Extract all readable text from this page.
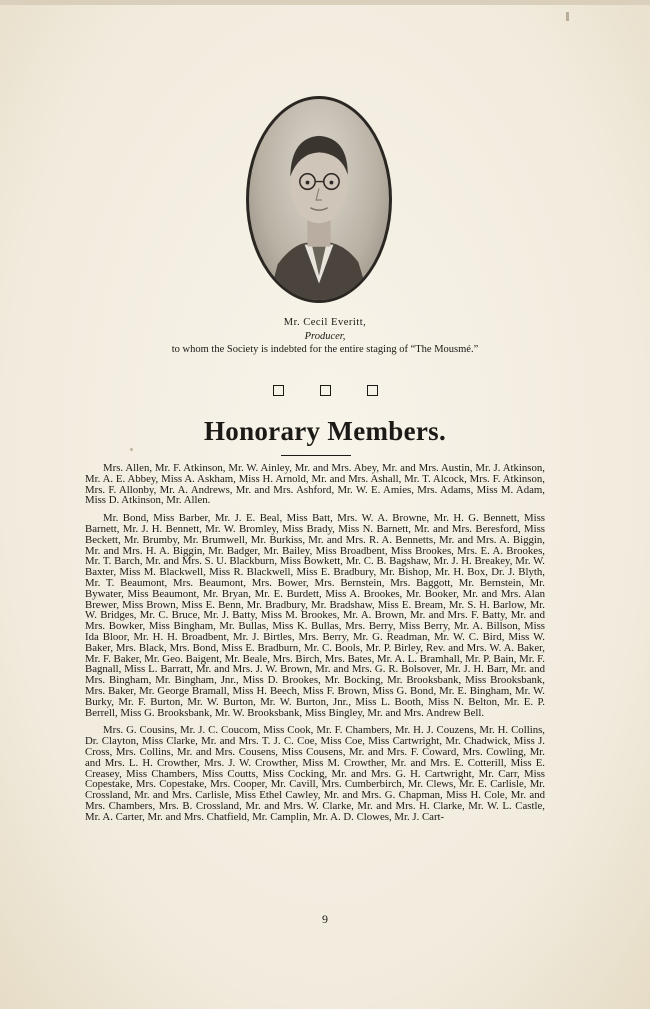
Mr. Cecil Everitt,
Producer,
to whom the Society is indebted for the entire staging of “The Mousmé.”

Honorary Members.

Mrs. Allen, Mr. F. Atkinson, Mr. W. Ainley, Mr. and Mrs. Abey, Mr. and Mrs. Austin, Mr. J. Atkinson, Mr. A. E. Abbey, Miss A. Askham, Miss H. Arnold, Mr. and Mrs. Ashall, Mr. T. Alcock, Mrs. F. Atkinson, Mrs. F. Allonby, Mr. A. Andrews, Mr. and Mrs. Ashford, Mr. W. E. Amies, Mrs. Adams, Miss M. Adam, Miss D. Atkinson, Mr. Allen.

Mr. Bond, Miss Barber, Mr. J. E. Beal, Miss Batt, Mrs. W. A. Browne, Mr. H. G. Bennett, Miss Barnett, Mr. J. H. Bennett, Mr. W. Bromley, Miss Brady, Miss N. Barnett, Mr. and Mrs. Beresford, Miss Beckett, Mr. Brumby, Mr. Brumwell, Mr. Burkiss, Mr. and Mrs. R. A. Bennetts, Mr. and Mrs. A. Biggin, Mr. and Mrs. H. A. Biggin, Mr. Badger, Mr. Bailey, Miss Broadbent, Miss Brookes, Mrs. E. A. Brookes, Mr. T. Barch, Mr. and Mrs. S. U. Blackburn, Miss Bowkett, Mr. C. B. Bagshaw, Mr. J. H. Breakey, Mr. W. Baxter, Miss M. Blackwell, Miss R. Blackwell, Miss E. Bradbury, Mr. Bishop, Mr. H. Box, Dr. J. Blyth, Mr. T. Beaumont, Mrs. Beaumont, Mrs. Bower, Mrs. Bernstein, Mrs. Baggott, Mr. Bernstein, Mr. Bywater, Miss Beaumont, Mr. Bryan, Mr. E. Burdett, Miss A. Brookes, Mr. Booker, Mr. and Mrs. Alan Brewer, Miss Brown, Miss E. Benn, Mr. Bradbury, Mr. Bradshaw, Miss E. Bream, Mr. S. H. Barlow, Mr. W. Bridges, Mr. C. Bruce, Mr. J. Batty, Miss M. Brookes, Mr. A. Brown, Mr. and Mrs. F. Batty, Mr. and Mrs. Bowker, Miss Bingham, Mr. Bullas, Miss K. Bullas, Mrs. Berry, Miss Berry, Mr. A. Billson, Miss Ida Bloor, Mr. H. H. Broadbent, Mr. J. Birtles, Mrs. Berry, Mr. G. Readman, Mr. W. C. Bird, Miss W. Baker, Mrs. Black, Mrs. Bond, Miss E. Bradburn, Mr. C. Bools, Mr. P. Birley, Rev. and Mrs. W. A. Baker, Mr. F. Baker, Mr. Geo. Baigent, Mr. Beale, Mrs. Birch, Mrs. Bates, Mr. A. L. Bramhall, Mr. P. Bain, Mr. F. Bagnall, Miss L. Barratt, Mr. and Mrs. J. W. Brown, Mr. and Mrs. G. R. Bolsover, Mr. J. H. Barr, Mr. and Mrs. Bingham, Mr. Bingham, Jnr., Miss D. Brookes, Mr. Bocking, Mr. Brooksbank, Miss Brooksbank, Mrs. Baker, Mr. George Bramall, Miss H. Beech, Miss F. Brown, Miss G. Bond, Mr. E. Bingham, Mr. W. Burky, Mr. F. Burton, Mr. W. Burton, Mr. W. Burton, Jnr., Miss L. Booth, Miss N. Belton, Mr. E. P. Berrell, Miss G. Brooksbank, Mr. W. Brooksbank, Miss Bingley, Mr. and Mrs. Andrew Bell.

Mrs. G. Cousins, Mr. J. C. Coucom, Miss Cook, Mr. F. Chambers, Mr. H. J. Couzens, Mr. H. Collins, Dr. Clayton, Miss Clarke, Mr. and Mrs. T. J. C. Coe, Miss Coe, Miss Cartwright, Mr. Chadwick, Miss J. Cross, Mrs. Collins, Mr. and Mrs. Cousens, Miss Cousens, Mr. and Mrs. F. Coward, Mrs. Cowling, Mr. and Mrs. L. H. Crowther, Mrs. J. W. Crowther, Miss M. Crowther, Mr. and Mrs. E. Cotterill, Miss E. Creasey, Miss Chambers, Miss Coutts, Miss Cocking, Mr. and Mrs. G. H. Cartwright, Mr. Carr, Miss Copestake, Mrs. Copestake, Mrs. Cooper, Mr. Cavill, Mrs. Cumberbirch, Mr. Clews, Mr. E. Carlisle, Mr. Crossland, Mr. and Mrs. Carlisle, Miss Ethel Cawley, Mr. and Mrs. G. Chapman, Miss H. Cole, Mr. and Mrs. Chambers, Mrs. B. Crossland, Mr. and Mrs. W. Clarke, Mr. and Mrs. H. Clarke, Mr. W. L. Castle, Mr. A. Carter, Mr. and Mrs. Chatfield, Mr. Camplin, Mr. A. D. Clowes, Mr. J. Cart-

9
